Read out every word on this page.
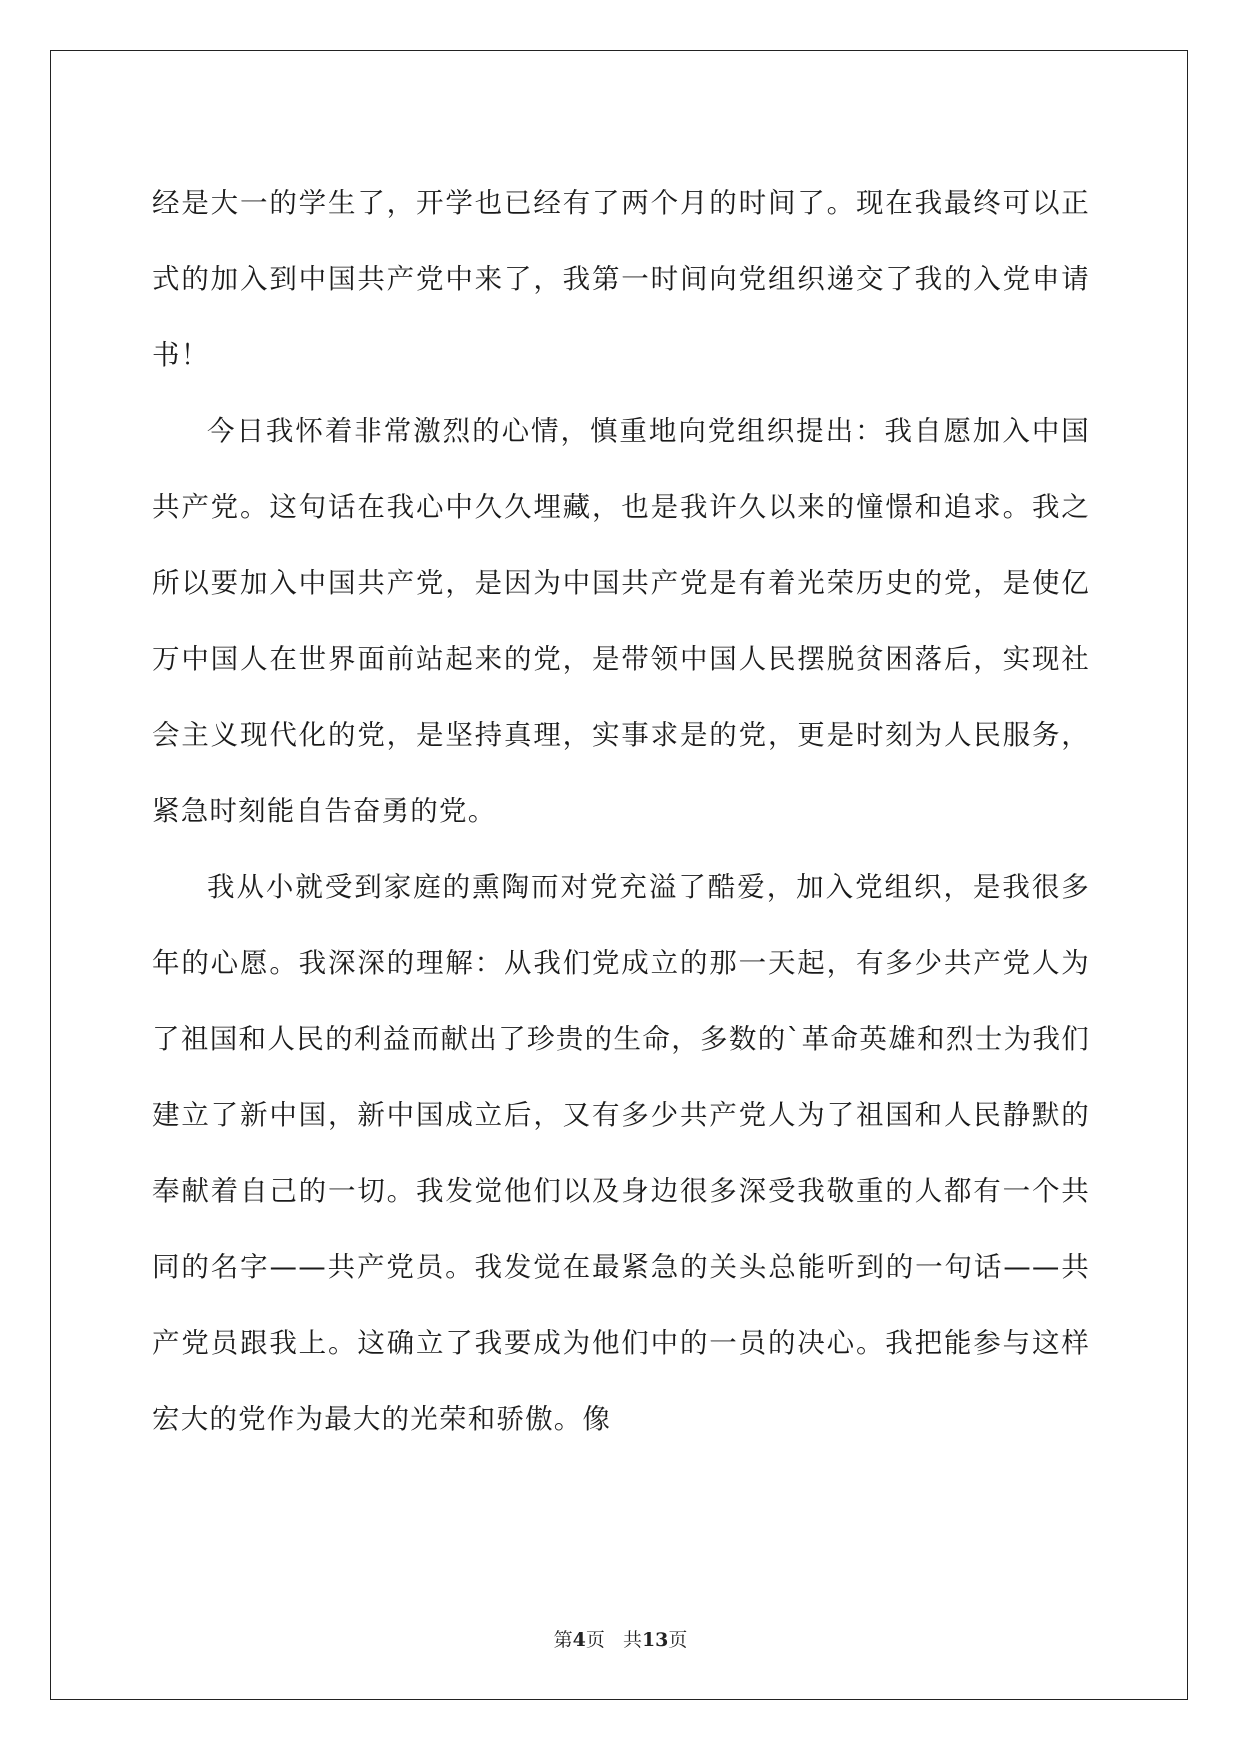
经是大一的学生了，开学也已经有了两个月的时间了。现在我最终可以正式的加入到中国共产党中来了，我第一时间向党组织递交了我的入党申请书！

今日我怀着非常激烈的心情，慎重地向党组织提出：我自愿加入中国共产党。这句话在我心中久久埋藏，也是我许久以来的憧憬和追求。我之所以要加入中国共产党，是因为中国共产党是有着光荣历史的党，是使亿万中国人在世界面前站起来的党，是带领中国人民摆脱贫困落后，实现社会主义现代化的党，是坚持真理，实事求是的党，更是时刻为人民服务，紧急时刻能自告奋勇的党。

我从小就受到家庭的熏陶而对党充溢了酷爱，加入党组织，是我很多年的心愿。我深深的理解：从我们党成立的那一天起，有多少共产党人为了祖国和人民的利益而献出了珍贵的生命，多数的`革命英雄和烈士为我们建立了新中国，新中国成立后，又有多少共产党人为了祖国和人民静默的奉献着自己的一切。我发觉他们以及身边很多深受我敬重的人都有一个共同的名字——共产党员。我发觉在最紧急的关头总能听到的一句话——共产党员跟我上。这确立了我要成为他们中的一员的决心。我把能参与这样宏大的党作为最大的光荣和骄傲。像

第4页   共13页
